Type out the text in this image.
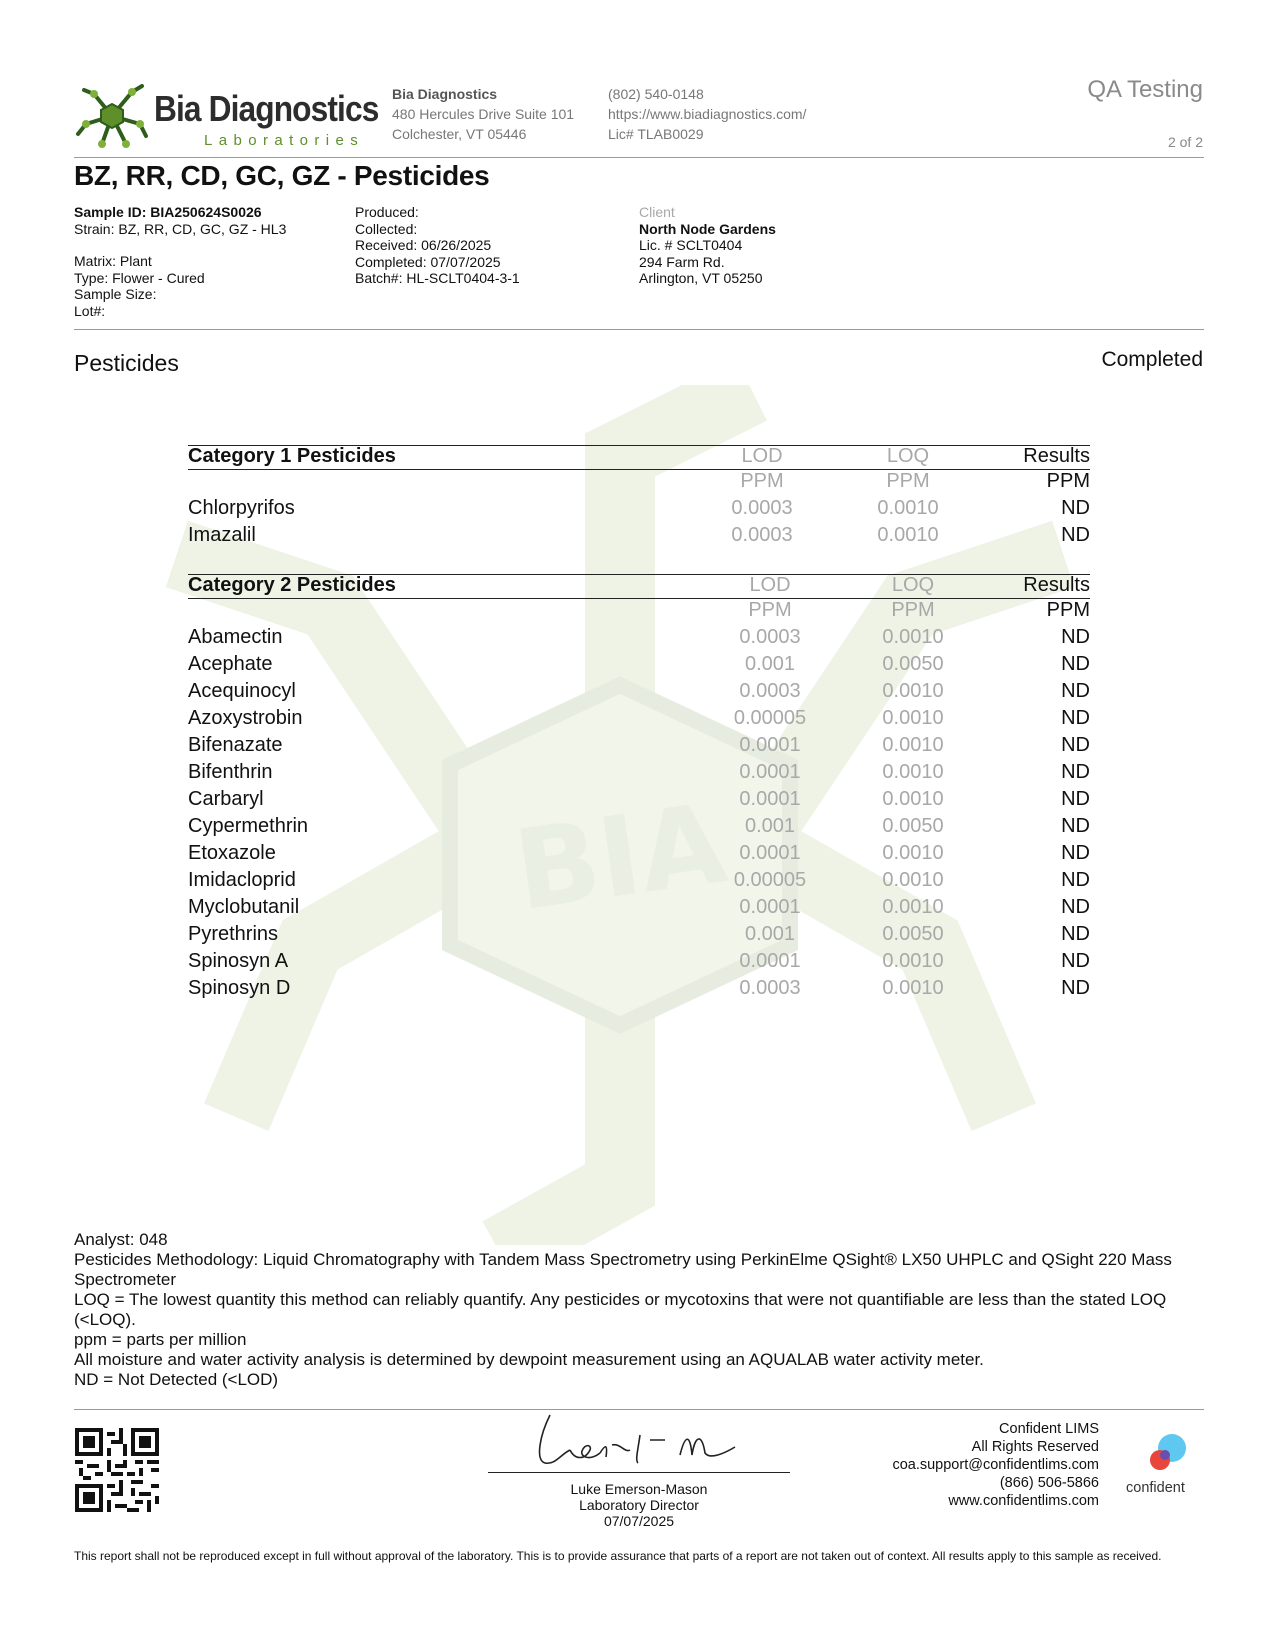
Bia Diagnostics
Laboratories
Bia Diagnostics
480 Hercules Drive Suite 101
Colchester, VT 05446
(802) 540-0148
https://www.biadiagnostics.com/
Lic# TLAB0029
QA Testing
2 of 2
BZ, RR, CD, GC, GZ - Pesticides
Sample ID: BIA250624S0026
Strain: BZ, RR, CD, GC, GZ - HL3
Matrix: Plant
Type: Flower - Cured
Sample Size:
Lot#:
Produced:
Collected:
Received: 06/26/2025
Completed: 07/07/2025
Batch#: HL-SCLT0404-3-1
Client
North Node Gardens
Lic. # SCLT0404
294 Farm Rd.
Arlington, VT 05250
Pesticides	Completed
BIA
Category 1 Pesticides	LOD	LOQ	Results
PPM	PPM	PPM
Chlorpyrifos	0.0003	0.0010	ND
Imazalil	0.0003	0.0010	ND
Category 2 Pesticides	LOD	LOQ	Results
PPM	PPM	PPM
Abamectin	0.0003	0.0010	ND
Acephate	0.001	0.0050	ND
Acequinocyl	0.0003	0.0010	ND
Azoxystrobin	0.00005	0.0010	ND
Bifenazate	0.0001	0.0010	ND
Bifenthrin	0.0001	0.0010	ND
Carbaryl	0.0001	0.0010	ND
Cypermethrin	0.001	0.0050	ND
Etoxazole	0.0001	0.0010	ND
Imidacloprid	0.00005	0.0010	ND
Myclobutanil	0.0001	0.0010	ND
Pyrethrins	0.001	0.0050	ND
Spinosyn A	0.0001	0.0010	ND
Spinosyn D	0.0003	0.0010	ND
Analyst: 048
Pesticides Methodology: Liquid Chromatography with Tandem Mass Spectrometry using PerkinElme QSight® LX50 UHPLC and QSight 220 Mass Spectrometer
LOQ = The lowest quantity this method can reliably quantify. Any pesticides or mycotoxins that were not quantifiable are less than the stated LOQ (<LOQ).
ppm = parts per million
All moisture and water activity analysis is determined by dewpoint measurement using an AQUALAB water activity meter.
ND = Not Detected (<LOD)
Luke Emerson-Mason
Laboratory Director
07/07/2025
Confident LIMS
All Rights Reserved
coa.support@confidentlims.com
(866) 506-5866
www.confidentlims.com
confident
This report shall not be reproduced except in full without approval of the laboratory. This is to provide assurance that parts of a report are not taken out of context. All results apply to this sample as received.
